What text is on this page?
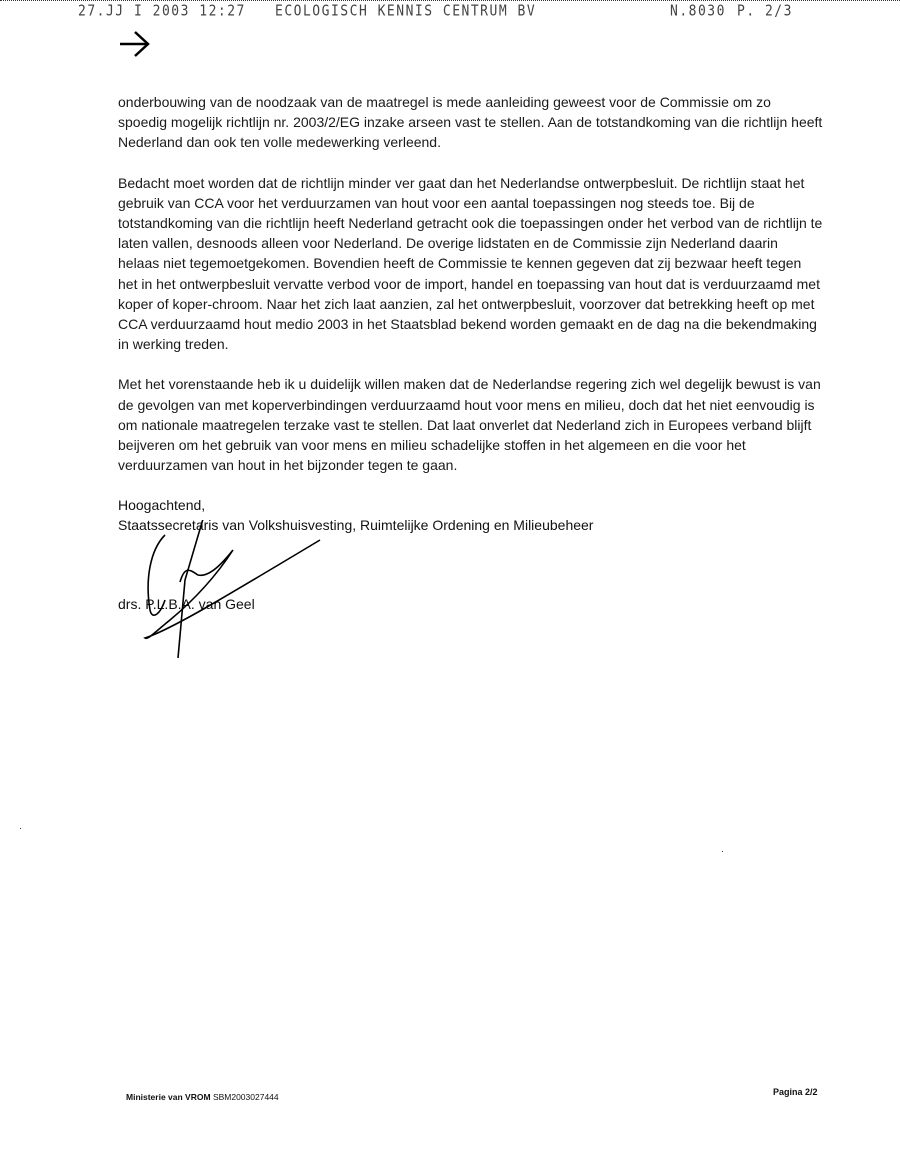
27.JJ I 2003 12:27 ECOLOGISCH KENNIS CENTRUM BV	N.8030 P. 2/3

onderbouwing van de noodzaak van de maatregel is mede aanleiding geweest voor de Commissie om zo spoedig mogelijk richtlijn nr. 2003/2/EG inzake arseen vast te stellen. Aan de totstandkoming van die richtlijn heeft Nederland dan ook ten volle medewerking verleend.

Bedacht moet worden dat de richtlijn minder ver gaat dan het Nederlandse ontwerpbesluit. De richtlijn staat het gebruik van CCA voor het verduurzamen van hout voor een aantal toepassingen nog steeds toe. Bij de totstandkoming van die richtlijn heeft Nederland getracht ook die toepassingen onder het verbod van de richtlijn te laten vallen, desnoods alleen voor Nederland. De overige lidstaten en de Commissie zijn Nederland daarin helaas niet tegemoetgekomen. Bovendien heeft de Commissie te kennen gegeven dat zij bezwaar heeft tegen het in het ontwerpbesluit vervatte verbod voor de import, handel en toepassing van hout dat is verduurzaamd met koper of koper-chroom. Naar het zich laat aanzien, zal het ontwerpbesluit, voorzover dat betrekking heeft op met CCA verduurzaamd hout medio 2003 in het Staatsblad bekend worden gemaakt en de dag na die bekendmaking in werking treden.

Met het vorenstaande heb ik u duidelijk willen maken dat de Nederlandse regering zich wel degelijk bewust is van de gevolgen van met koperverbindingen verduurzaamd hout voor mens en milieu, doch dat het niet eenvoudig is om nationale maatregelen terzake vast te stellen. Dat laat onverlet dat Nederland zich in Europees verband blijft beijveren om het gebruik van voor mens en milieu schadelijke stoffen in het algemeen en die voor het verduurzamen van hout in het bijzonder tegen te gaan.

Hoogachtend,
Staatssecretaris van Volkshuisvesting, Ruimtelijke Ordening en Milieubeheer
drs. P.L.B.A. van Geel
Ministerie van VROM SBM2003027444	Pagina 2/2
